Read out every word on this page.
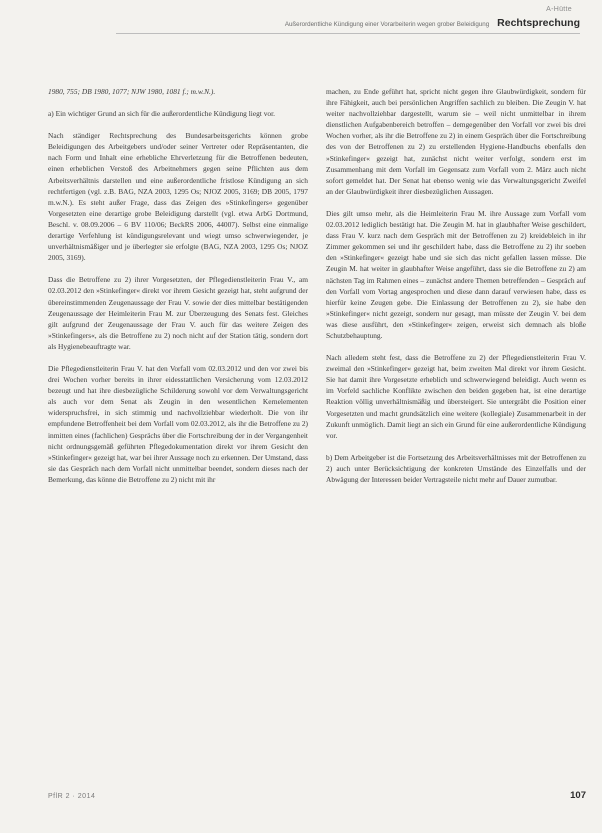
A-Hütte
Außerordentliche Kündigung einer Vorarbeiterin wegen grober Beleidigung Rechtsprechung

1980, 755; DB 1980, 1077; NJW 1980, 1081 f.; m.w.N.).

a) Ein wichtiger Grund an sich für die außerordentliche Kündigung liegt vor.

Nach ständiger Rechtsprechung des Bundesarbeitsgerichts können grobe Beleidigungen des Arbeitgebers und/oder seiner Vertreter oder Repräsentanten, die nach Form und Inhalt eine erhebliche Ehrverletzung für die Betroffenen bedeuten, einen erheblichen Verstoß des Arbeitnehmers gegen seine Pflichten aus dem Arbeitsverhältnis darstellen und eine außerordentliche fristlose Kündigung an sich rechtfertigen (vgl. z.B. BAG, NZA 2003, 1295 Os; NJOZ 2005, 3169; DB 2005, 1797 m.w.N.). Es steht außer Frage, dass das Zeigen des »Stinkefingers« gegenüber Vorgesetzten eine derartige grobe Beleidigung darstellt (vgl. etwa ArbG Dortmund, Beschl. v. 08.09.2006 – 6 BV 110/06; BeckRS 2006, 44007). Selbst eine einmalige derartige Verfehlung ist kündigungsrelevant und wiegt umso schwerwiegender, je unverhältnismäßiger und je überlegter sie erfolgte (BAG, NZA 2003, 1295 Os; NJOZ 2005, 3169).

Dass die Betroffene zu 2) ihrer Vorgesetzten, der Pflegedienstleiterin Frau V., am 02.03.2012 den »Stinkefinger« direkt vor ihrem Gesicht gezeigt hat, steht aufgrund der übereinstimmenden Zeugenaussage der Frau V. sowie der dies mittelbar bestätigenden Zeugenaussage der Heimleiterin Frau M. zur Überzeugung des Senats fest. Gleiches gilt aufgrund der Zeugenaussage der Frau V. auch für das weitere Zeigen des »Stinkefingers«, als die Betroffene zu 2) noch nicht auf der Station tätig, sondern dort als Hygienebeauftragte war.

Die Pflegedienstleiterin Frau V. hat den Vorfall vom 02.03.2012 und den vor zwei bis drei Wochen vorher bereits in ihrer eidesstattlichen Versicherung vom 12.03.2012 bezeugt und hat ihre diesbezügliche Schilderung sowohl vor dem Verwaltungsgericht als auch vor dem Senat als Zeugin in den wesentlichen Kernelementen widerspruchsfrei, in sich stimmig und nachvollziehbar wiederholt. Die von ihr empfundene Betroffenheit bei dem Vorfall vom 02.03.2012, als ihr die Betroffene zu 2) inmitten eines (fachlichen) Gesprächs über die Fortschreibung der in der Vergangenheit nicht ordnungsgemäß geführten Pflegedokumentation direkt vor ihrem Gesicht den »Stinkefinger« gezeigt hat, war bei ihrer Aussage noch zu erkennen. Der Umstand, dass sie das Gespräch nach dem Vorfall nicht unmittelbar beendet, sondern dieses nach der Bemerkung, das könne die Betroffene zu 2) nicht mit ihr

machen, zu Ende geführt hat, spricht nicht gegen ihre Glaubwürdigkeit, sondern für ihre Fähigkeit, auch bei persönlichen Angriffen sachlich zu bleiben. Die Zeugin V. hat weiter nachvollziehbar dargestellt, warum sie – weil nicht unmittelbar in ihrem dienstlichen Aufgabenbereich betroffen – demgegenüber den Vorfall vor zwei bis drei Wochen vorher, als ihr die Betroffene zu 2) in einem Gespräch über die Fortschreibung des von der Betroffenen zu 2) zu erstellenden Hygiene-Handbuchs ebenfalls den »Stinkefinger« gezeigt hat, zunächst nicht weiter verfolgt, sondern erst im Zusammenhang mit dem Vorfall im Gegensatz zum Vorfall vom 2. März auch nicht sofort gemeldet hat. Der Senat hat ebenso wenig wie das Verwaltungsgericht Zweifel an der Glaubwürdigkeit ihrer diesbezüglichen Aussagen.

Dies gilt umso mehr, als die Heimleiterin Frau M. ihre Aussage zum Vorfall vom 02.03.2012 lediglich bestätigt hat. Die Zeugin M. hat in glaubhafter Weise geschildert, dass Frau V. kurz nach dem Gespräch mit der Betroffenen zu 2) kreidebleich in ihr Zimmer gekommen sei und ihr geschildert habe, dass die Betroffene zu 2) ihr soeben den »Stinkefinger« gezeigt habe und sie sich das nicht gefallen lassen müsse. Die Zeugin M. hat weiter in glaubhafter Weise angeführt, dass sie die Betroffene zu 2) am nächsten Tag im Rahmen eines – zunächst andere Themen betreffenden – Gespräch auf den Vorfall vom Vortag angesprochen und diese dann darauf verwiesen habe, dass es hierfür keine Zeugen gebe. Die Einlassung der Betroffenen zu 2), sie habe den »Stinkefinger« nicht gezeigt, sondern nur gesagt, man müsste der Zeugin V. bei dem was diese ausführt, den »Stinkefinger« zeigen, erweist sich demnach als bloße Schutzbehauptung.

Nach alledem steht fest, dass die Betroffene zu 2) der Pflegedienstleiterin Frau V. zweimal den »Stinkefinger« gezeigt hat, beim zweiten Mal direkt vor ihrem Gesicht. Sie hat damit ihre Vorgesetzte erheblich und schwerwiegend beleidigt. Auch wenn es im Vorfeld sachliche Konflikte zwischen den beiden gegeben hat, ist eine derartige Reaktion völlig unverhältnismäßig und übersteigert. Sie untergräbt die Position einer Vorgesetzten und macht grundsätzlich eine weitere (kollegiale) Zusammenarbeit in der Zukunft unmöglich. Damit liegt an sich ein Grund für eine außerordentliche Kündigung vor.

b) Dem Arbeitgeber ist die Fortsetzung des Arbeitsverhältnisses mit der Betroffenen zu 2) auch unter Berücksichtigung der konkreten Umstände des Einzelfalls und der Abwägung der Interessen beider Vertragsteile nicht mehr auf Dauer zumutbar.

PflR 2 · 2014	107
